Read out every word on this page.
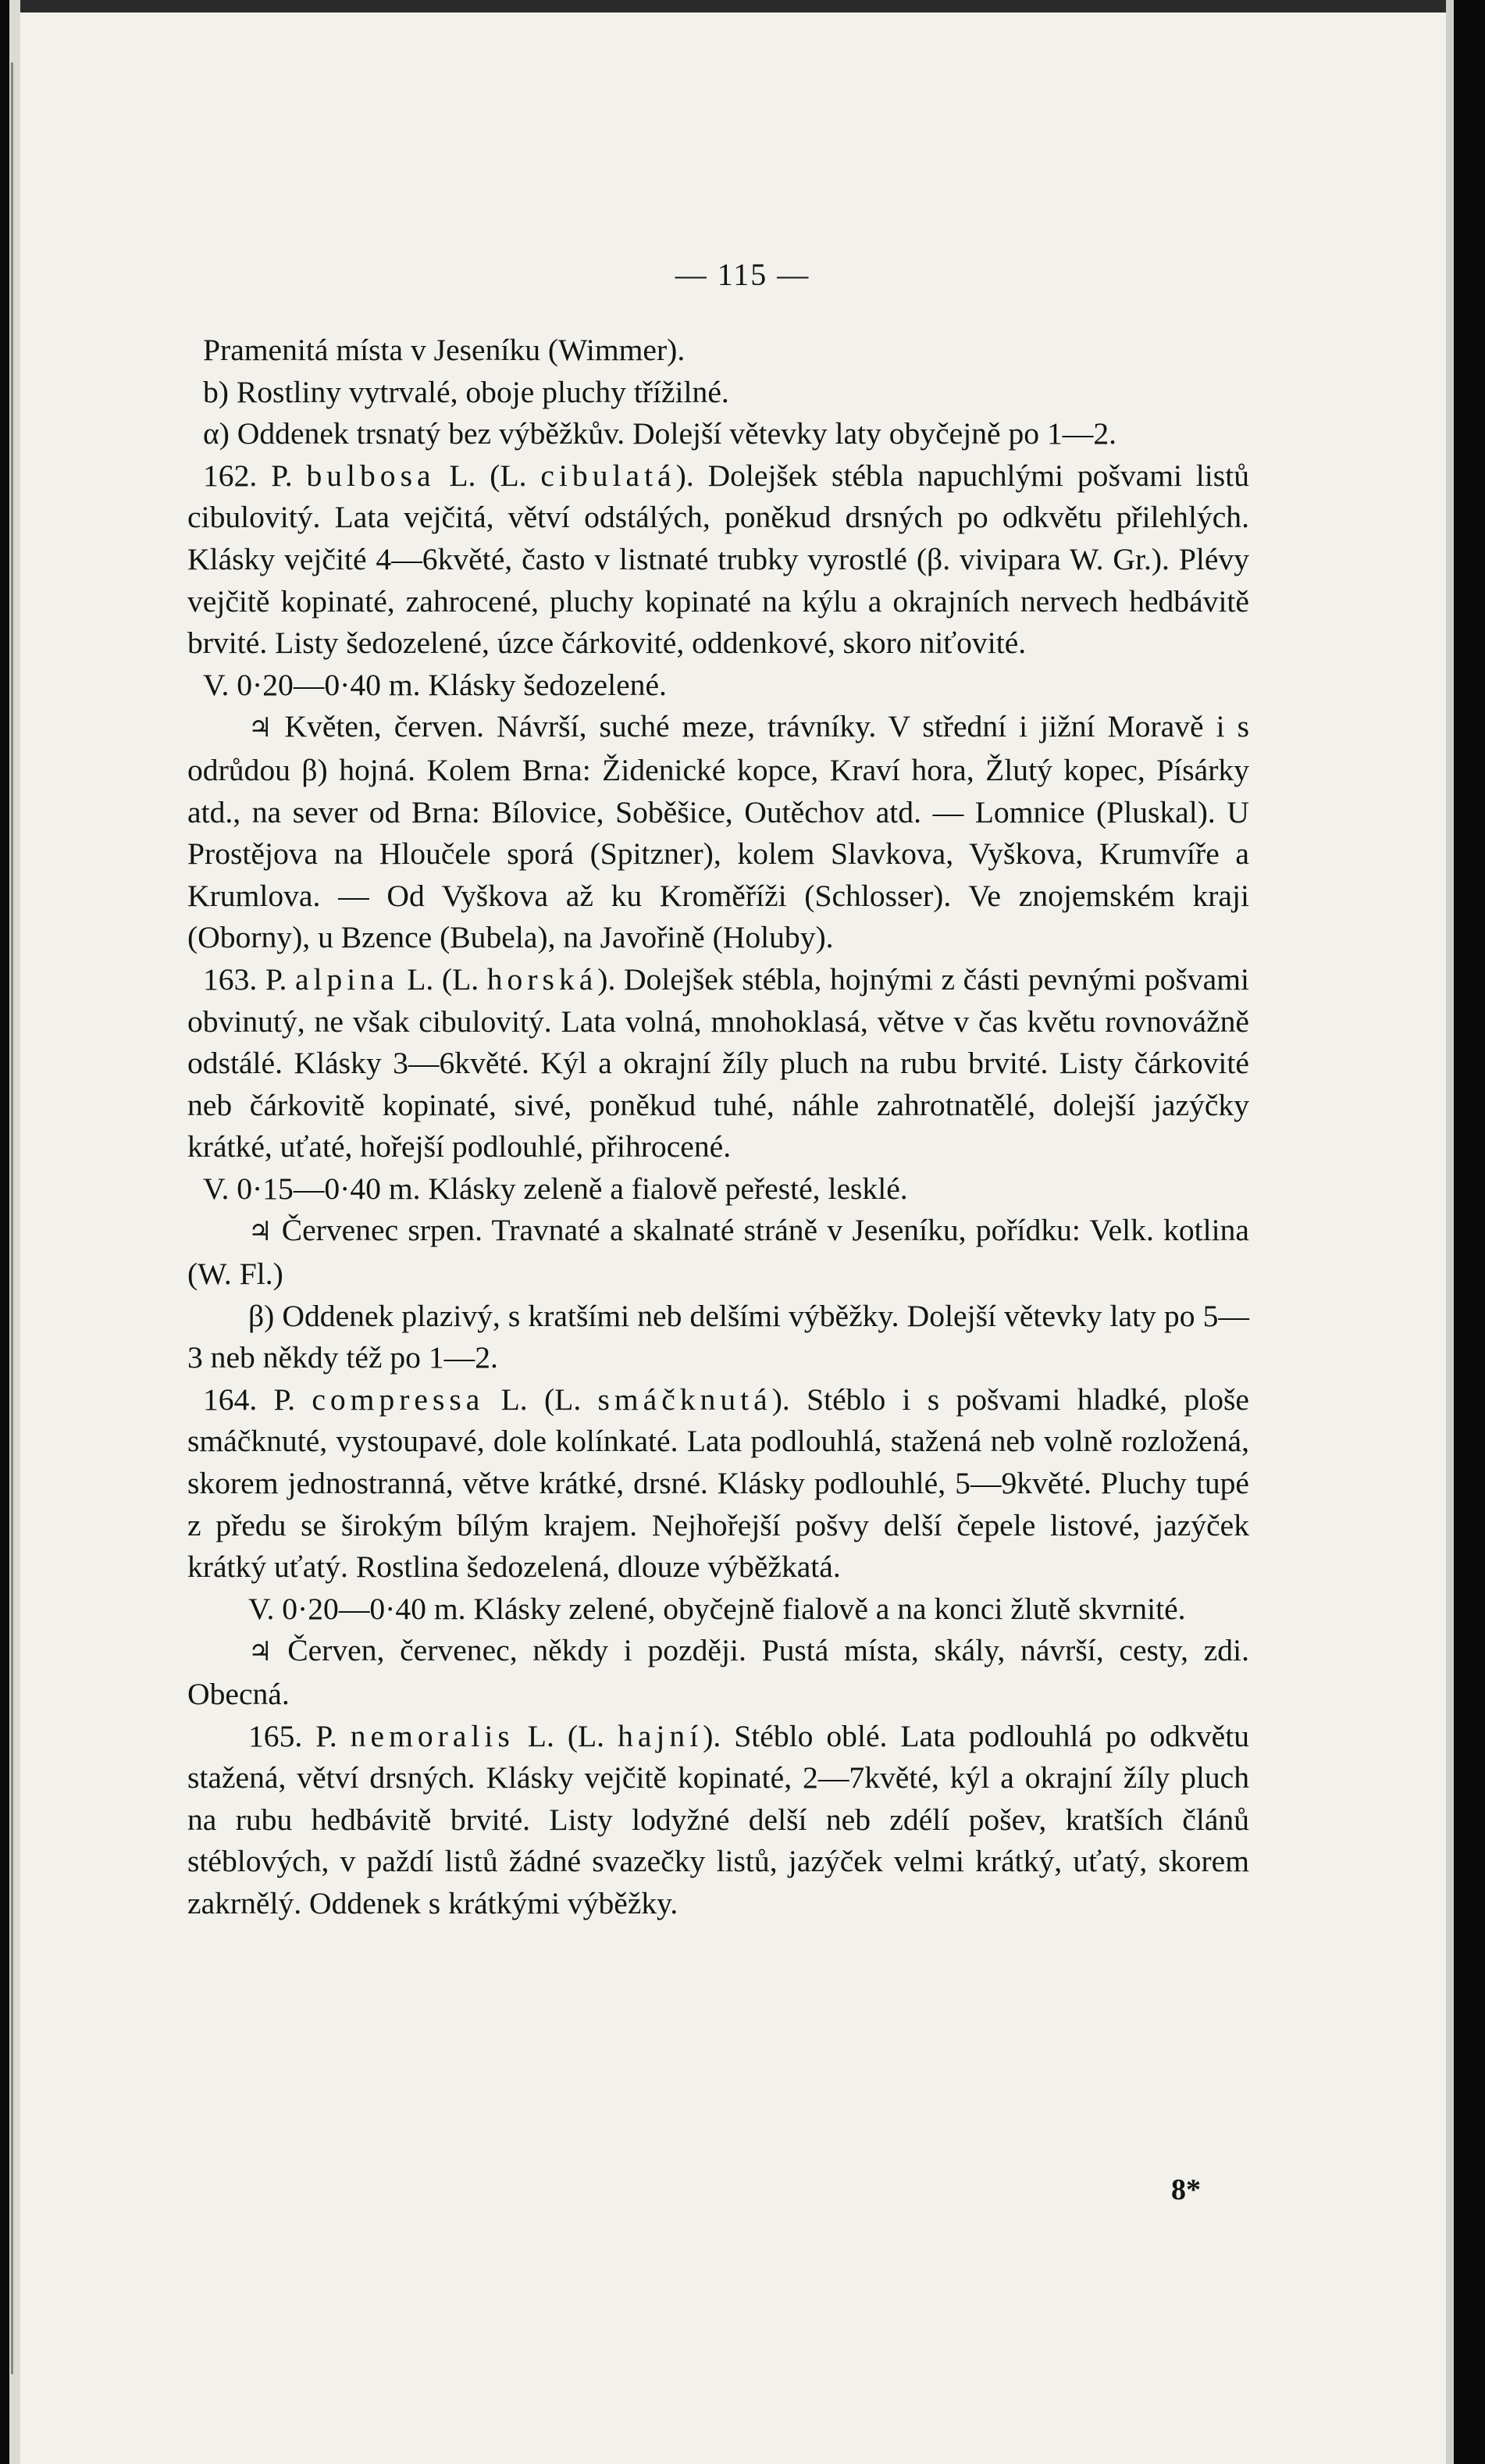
— 115 —

Pramenitá místa v Jeseníku (Wimmer).

b) Rostliny vytrvalé, oboje pluchy třížilné.

α) Oddenek trsnatý bez výběžkův. Dolejší větevky laty obyčejně po 1—2.

162. P. bulbosa L. (L. cibulatá). Dolejšek stébla napuchlými pošvami listů cibulovitý. Lata vejčitá, větví odstálých, poněkud drsných po odkvětu přilehlých. Klásky vejčité 4—6květé, často v listnaté trubky vyrostlé (β. vivipara W. Gr.). Plévy vejčitě kopinaté, zahrocené, pluchy kopinaté na kýlu a okrajních nervech hedbávitě brvité. Listy šedozelené, úzce čárkovité, oddenkové, skoro niťovité.

V. 0·20—0·40 m. Klásky šedozelené.

♃ Květen, červen. Návrší, suché meze, trávníky. V střední i jižní Moravě i s odrůdou β) hojná. Kolem Brna: Židenické kopce, Kraví hora, Žlutý kopec, Písárky atd., na sever od Brna: Bílovice, Soběšice, Outěchov atd. — Lomnice (Pluskal). U Prostějova na Hloučele sporá (Spitzner), kolem Slavkova, Vyškova, Krumvíře a Krumlova. — Od Vyškova až ku Kroměříži (Schlosser). Ve znojemském kraji (Oborny), u Bzence (Bubela), na Javořině (Holuby).

163. P. alpina L. (L. horská). Dolejšek stébla, hojnými z části pevnými pošvami obvinutý, ne však cibulovitý. Lata volná, mnohoklasá, větve v čas květu rovnovážně odstálé. Klásky 3—6květé. Kýl a okrajní žíly pluch na rubu brvité. Listy čárkovité neb čárkovitě kopinaté, sivé, poněkud tuhé, náhle zahrotnatělé, dolejší jazýčky krátké, uťaté, hořejší podlouhlé, přihrocené.

V. 0·15—0·40 m. Klásky zeleně a fialově peřesté, lesklé.

♃ Červenec srpen. Travnaté a skalnaté stráně v Jeseníku, pořídku: Velk. kotlina (W. Fl.)

β) Oddenek plazivý, s kratšími neb delšími výběžky. Dolejší větevky laty po 5—3 neb někdy též po 1—2.

164. P. compressa L. (L. smáčknutá). Stéblo i s pošvami hladké, ploše smáčknuté, vystoupavé, dole kolínkaté. Lata podlouhlá, stažená neb volně rozložená, skorem jednostranná, větve krátké, drsné. Klásky podlouhlé, 5—9květé. Pluchy tupé z předu se širokým bílým krajem. Nejhořejší pošvy delší čepele listové, jazýček krátký uťatý. Rostlina šedozelená, dlouze výběžkatá.

V. 0·20—0·40 m. Klásky zelené, obyčejně fialově a na konci žlutě skvrnité.

♃ Červen, červenec, někdy i později. Pustá místa, skály, návrší, cesty, zdi. Obecná.

165. P. nemoralis L. (L. hajní). Stéblo oblé. Lata podlouhlá po odkvětu stažená, větví drsných. Klásky vejčitě kopinaté, 2—7květé, kýl a okrajní žíly pluch na rubu hedbávitě brvité. Listy lodyžné delší neb zdélí pošev, kratších článů stéblových, v paždí listů žádné svazečky listů, jazýček velmi krátký, uťatý, skorem zakrnělý. Oddenek s krátkými výběžky.

8*
